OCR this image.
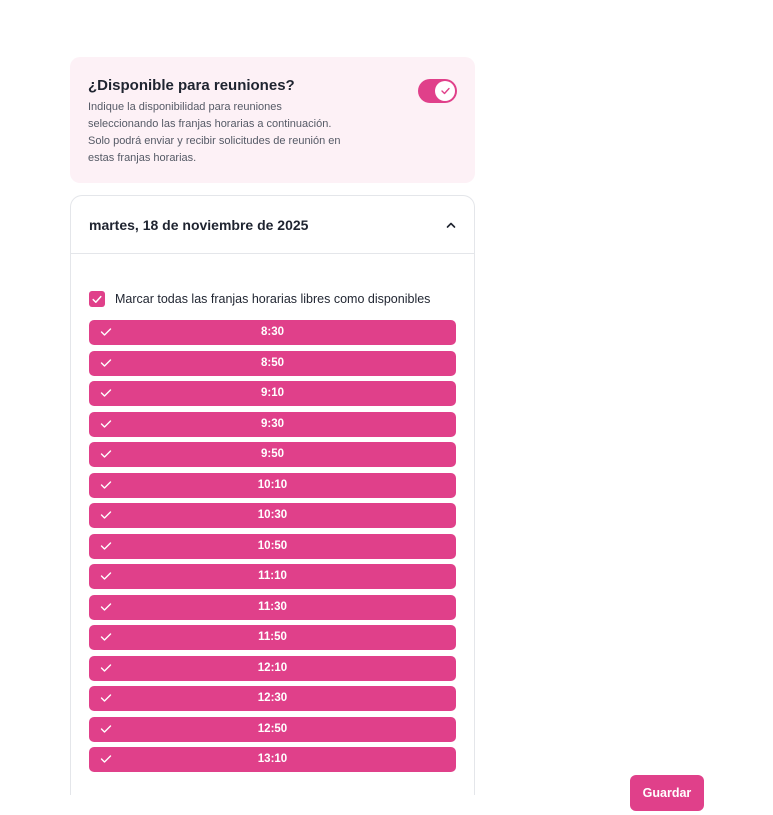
¿Disponible para reuniones?
Indique la disponibilidad para reuniones seleccionando las franjas horarias a continuación. Solo podrá enviar y recibir solicitudes de reunión en estas franjas horarias.
martes, 18 de noviembre de 2025
Marcar todas las franjas horarias libres como disponibles
8:30
8:50
9:10
9:30
9:50
10:10
10:30
10:50
11:10
11:30
11:50
12:10
12:30
12:50
13:10
Guardar
